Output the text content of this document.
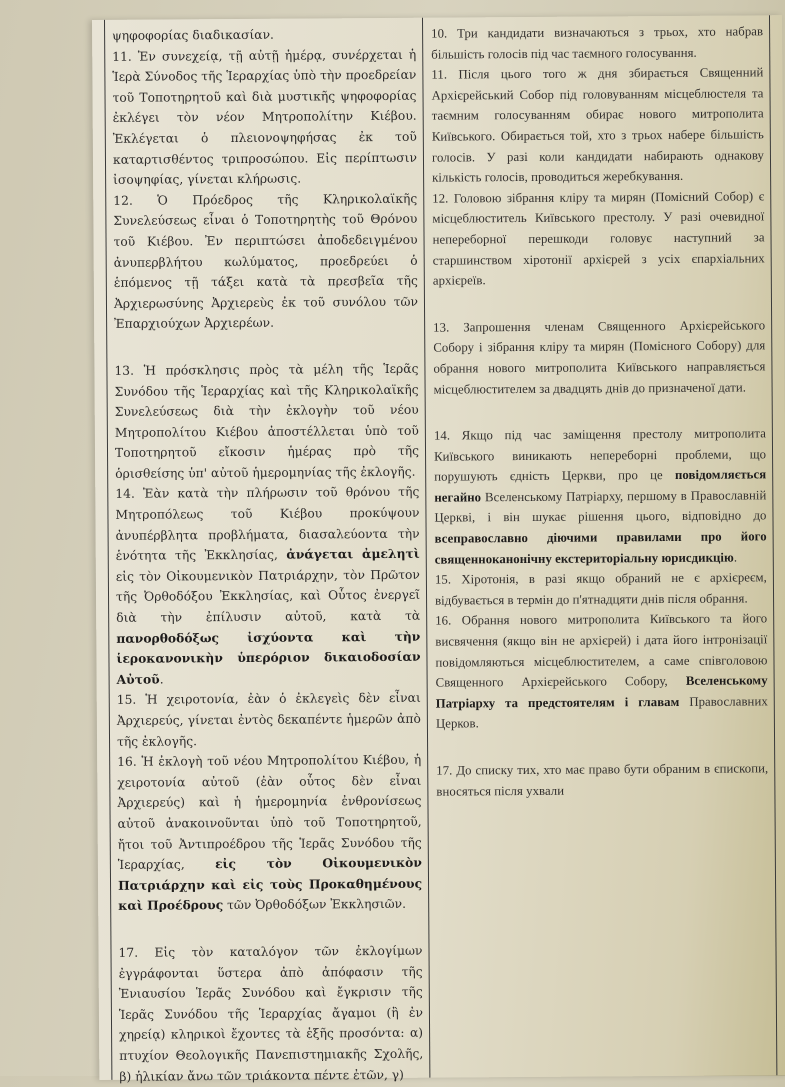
ψηφοφορίας διαδικασίαν.

11. Ἐν συνεχείᾳ, τῇ αὐτῇ ἡμέρᾳ, συνέρχεται ἡ Ἱερὰ Σύνοδος τῆς Ἱεραρχίας ὑπὸ τὴν προεδρείαν τοῦ Τοποτηρητοῦ καὶ διὰ μυστικῆς ψηφοφορίας ἐκλέγει τὸν νέον Μητροπολίτην Κιέβου. Ἐκλέγεται ὁ πλειονοψηφήσας ἐκ τοῦ καταρτισθέντος τριπροσώπου. Εἰς περίπτωσιν ἰσοψηφίας, γίνεται κλήρωσις.

12. Ὁ Πρόεδρος τῆς Κληρικολαϊκῆς Συνελεύσεως εἶναι ὁ Τοποτηρητὴς τοῦ Θρόνου τοῦ Κιέβου. Ἐν περιπτώσει ἀποδεδειγμένου ἀνυπερβλήτου κωλύματος, προεδρεύει ὁ ἑπόμενος τῇ τάξει κατὰ τὰ πρεσβεῖα τῆς Ἀρχιερωσύνης Ἀρχιερεὺς ἐκ τοῦ συνόλου τῶν Ἐπαρχιούχων Ἀρχιερέων.

13. Ἡ πρόσκλησις πρὸς τὰ μέλη τῆς Ἱερᾶς Συνόδου τῆς Ἱεραρχίας καὶ τῆς Κληρικολαϊκῆς Συνελεύσεως διὰ τὴν ἐκλογὴν τοῦ νέου Μητροπολίτου Κιέβου ἀποστέλλεται ὑπὸ τοῦ Τοποτηρητοῦ εἴκοσιν ἡμέρας πρὸ τῆς ὁρισθείσης ὑπ' αὐτοῦ ἡμερομηνίας τῆς ἐκλογῆς.

14. Ἐὰν κατὰ τὴν πλήρωσιν τοῦ θρόνου τῆς Μητροπόλεως τοῦ Κιέβου προκύψουν ἀνυπέρβλητα προβλήματα, διασαλεύοντα τὴν ἑνότητα τῆς Ἐκκλησίας, ἀνάγεται ἀμελητὶ εἰς τὸν Οἰκουμενικὸν Πατριάρχην, τὸν Πρῶτον τῆς Ὀρθοδόξου Ἐκκλησίας, καὶ Οὗτος ἐνεργεῖ διὰ τὴν ἐπίλυσιν αὐτοῦ, κατὰ τὰ πανορθοδόξως ἰσχύοντα καὶ τὴν ἱεροκανονικὴν ὑπερόριον δικαιοδοσίαν Αὐτοῦ.

15. Ἡ χειροτονία, ἐὰν ὁ ἐκλεγεὶς δὲν εἶναι Ἀρχιερεύς, γίνεται ἐντὸς δεκαπέντε ἡμερῶν ἀπὸ τῆς ἐκλογῆς.

16. Ἡ ἐκλογὴ τοῦ νέου Μητροπολίτου Κιέβου, ἡ χειροτονία αὐτοῦ (ἐὰν οὗτος δὲν εἶναι Ἀρχιερεύς) καὶ ἡ ἡμερομηνία ἐνθρονίσεως αὐτοῦ ἀνακοινοῦνται ὑπὸ τοῦ Τοποτηρητοῦ, ἤτοι τοῦ Ἀντιπροέδρου τῆς Ἱερᾶς Συνόδου τῆς Ἱεραρχίας, εἰς τὸν Οἰκουμενικὸν Πατριάρχην καὶ εἰς τοὺς Προκαθημένους καὶ Προέδρους τῶν Ὀρθοδόξων Ἐκκλησιῶν.

17. Εἰς τὸν καταλόγον τῶν ἐκλογίμων ἐγγράφονται ὕστερα ἀπὸ ἀπόφασιν τῆς Ἐνιαυσίου Ἱερᾶς Συνόδου καὶ ἔγκρισιν τῆς Ἱερᾶς Συνόδου τῆς Ἱεραρχίας ἄγαμοι (ἢ ἐν χηρείᾳ) κληρικοὶ ἔχοντες τὰ ἑξῆς προσόντα: α) πτυχίον Θεολογικῆς Πανεπιστημιακῆς Σχολῆς, β) ἡλικίαν ἄνω τῶν τριάκοντα πέντε ἐτῶν, γ)

10. Три кандидати визначаються з трьох, хто набрав більшість голосів під час таємного голосування.

11. Після цього того ж дня збирається Священний Архієрейський Собор під головуванням місцеблюстеля та таємним голосуванням обирає нового митрополита Київського. Обирається той, хто з трьох набере більшість голосів. У разі коли кандидати набирають однакову кількість голосів, проводиться жеребкування.

12. Головою зібрання кліру та мирян (Помісний Собор) є місцеблюститель Київського престолу. У разі очевидної непереборної перешкоди головує наступний за старшинством хіротонії архієрей з усіх єпархіальних архієреїв.

13. Запрошення членам Священного Архієрейського Собору і зібрання кліру та мирян (Помісного Собору) для обрання нового митрополита Київського направляється місцеблюстителем за двадцять днів до призначеної дати.

14. Якщо під час заміщення престолу митрополита Київського виникають непереборні проблеми, що порушують єдність Церкви, про це повідомляється негайно Вселенському Патріарху, першому в Православній Церкві, і він шукає рішення цього, відповідно до всеправославно діючими правилами про його священноканонічну екстериторіальну юрисдикцію.

15. Хіротонія, в разі якщо обраний не є архієреєм, відбувається в термін до п'ятнадцяти днів після обрання.

16. Обрання нового митрополита Київського та його висвячення (якщо він не архієрей) і дата його інтронізації повідомляються місцеблюстителем, а саме співголовою Священного Архієрейського Собору, Вселенському Патріарху та предстоятелям і главам Православних Церков.

17. До списку тих, хто має право бути обраним в єпископи, вносяться після ухвали
